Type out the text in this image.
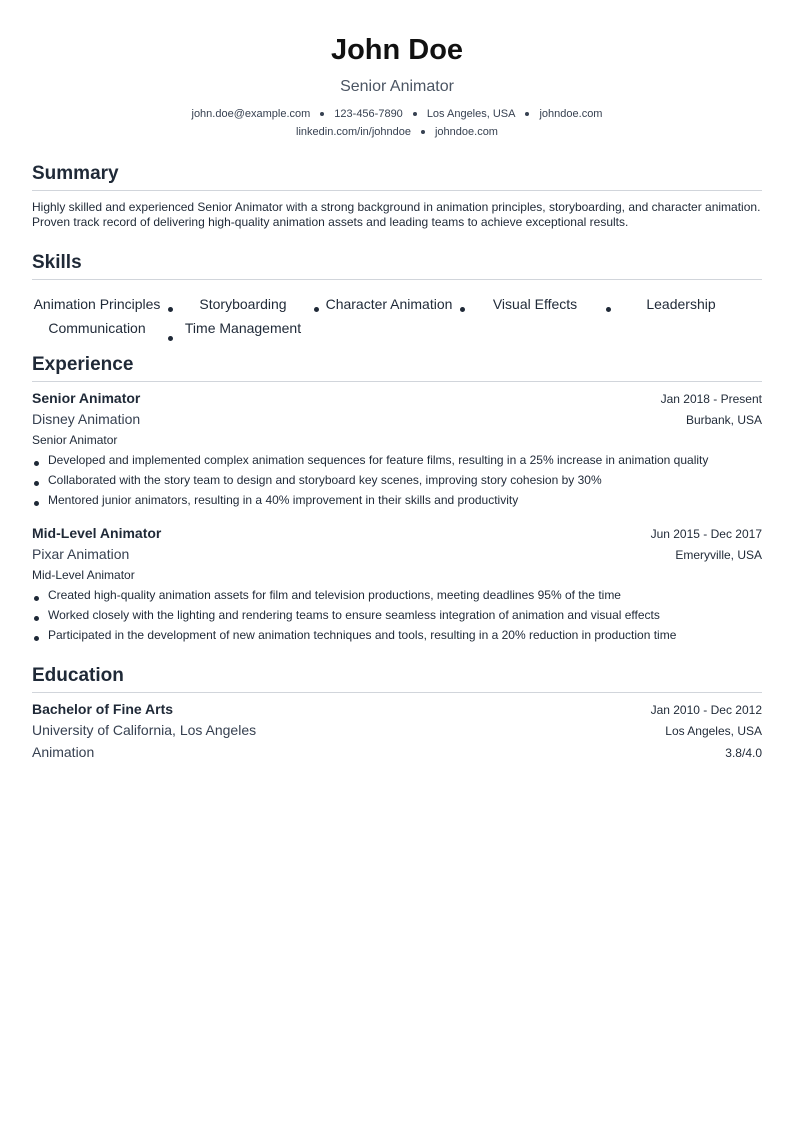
John Doe
Senior Animator
john.doe@example.com 123-456-7890 Los Angeles, USA johndoe.com
linkedin.com/in/johndoe johndoe.com
Summary
Highly skilled and experienced Senior Animator with a strong background in animation principles, storyboarding, and character animation. Proven track record of delivering high-quality animation assets and leading teams to achieve exceptional results.
Skills
Animation Principles	Storyboarding	Character Animation	Visual Effects	Leadership
Communication	Time Management
Experience
Senior Animator	Jan 2018 - Present
Disney Animation	Burbank, USA
Senior Animator
Developed and implemented complex animation sequences for feature films, resulting in a 25% increase in animation quality
Collaborated with the story team to design and storyboard key scenes, improving story cohesion by 30%
Mentored junior animators, resulting in a 40% improvement in their skills and productivity
Mid-Level Animator	Jun 2015 - Dec 2017
Pixar Animation	Emeryville, USA
Mid-Level Animator
Created high-quality animation assets for film and television productions, meeting deadlines 95% of the time
Worked closely with the lighting and rendering teams to ensure seamless integration of animation and visual effects
Participated in the development of new animation techniques and tools, resulting in a 20% reduction in production time
Education
Bachelor of Fine Arts	Jan 2010 - Dec 2012
University of California, Los Angeles	Los Angeles, USA
Animation	3.8/4.0
